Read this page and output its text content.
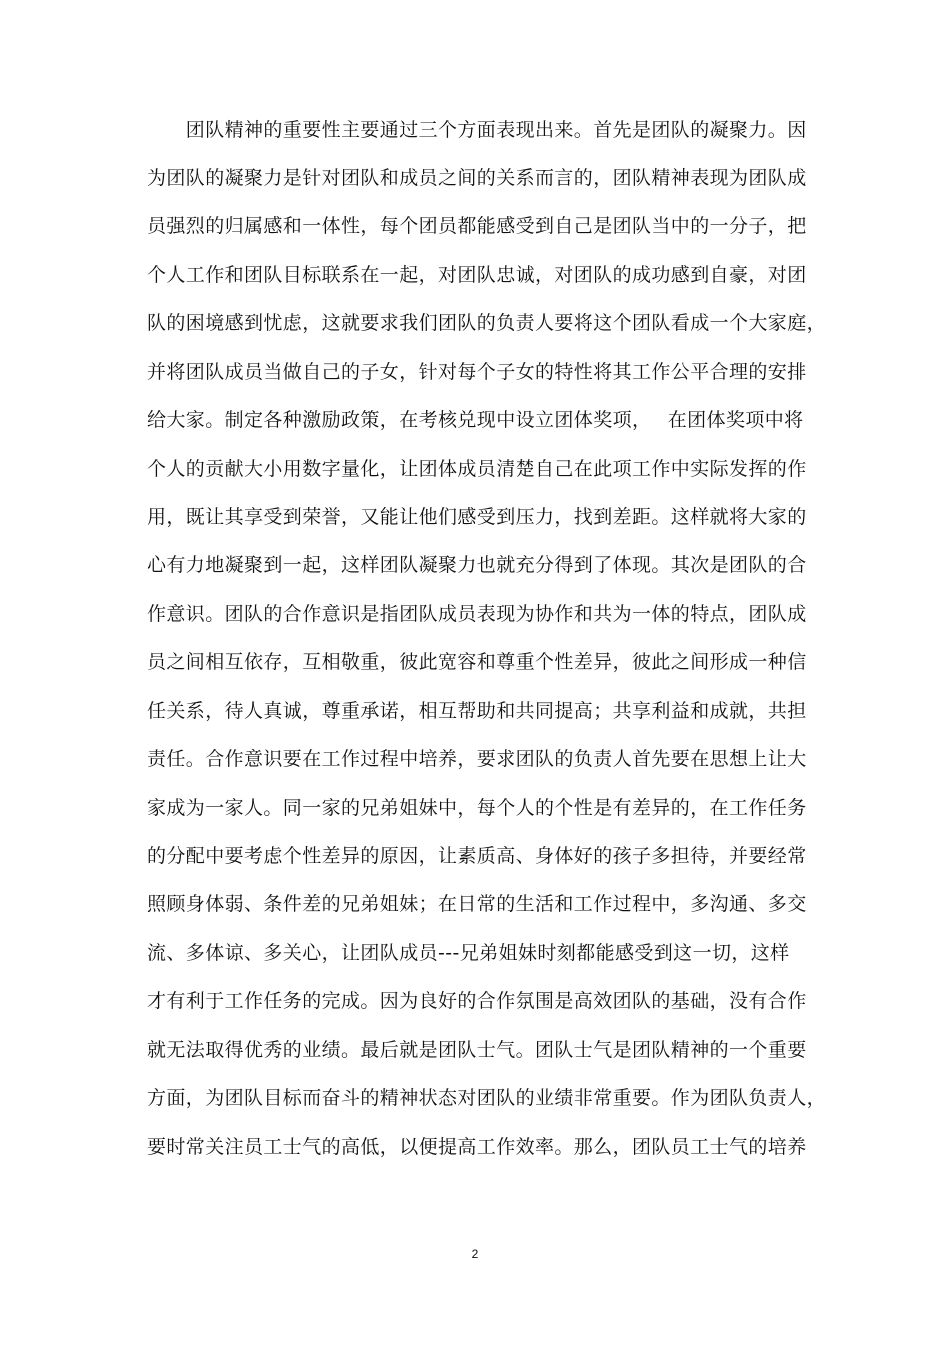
　　团队精神的重要性主要通过三个方面表现出来。首先是团队的凝聚力。因
为团队的凝聚力是针对团队和成员之间的关系而言的，团队精神表现为团队成
员强烈的归属感和一体性，每个团员都能感受到自己是团队当中的一分子，把
个人工作和团队目标联系在一起，对团队忠诚，对团队的成功感到自豪，对团
队的困境感到忧虑，这就要求我们团队的负责人要将这个团队看成一个大家庭，
并将团队成员当做自己的子女，针对每个子女的特性将其工作公平合理的安排
给大家。制定各种激励政策，在考核兑现中设立团体奖项，　 在团体奖项中将
个人的贡献大小用数字量化，让团体成员清楚自己在此项工作中实际发挥的作
用，既让其享受到荣誉，又能让他们感受到压力，找到差距。这样就将大家的
心有力地凝聚到一起，这样团队凝聚力也就充分得到了体现。其次是团队的合
作意识。团队的合作意识是指团队成员表现为协作和共为一体的特点，团队成
员之间相互依存，互相敬重，彼此宽容和尊重个性差异，彼此之间形成一种信
任关系，待人真诚，尊重承诺，相互帮助和共同提高；共享利益和成就，共担
责任。合作意识要在工作过程中培养，要求团队的负责人首先要在思想上让大
家成为一家人。同一家的兄弟姐妹中，每个人的个性是有差异的，在工作任务
的分配中要考虑个性差异的原因，让素质高、身体好的孩子多担待，并要经常
照顾身体弱、条件差的兄弟姐妹；在日常的生活和工作过程中，多沟通、多交
流、多体谅、多关心，让团队成员---兄弟姐妹时刻都能感受到这一切，这样
才有利于工作任务的完成。因为良好的合作氛围是高效团队的基础，没有合作
就无法取得优秀的业绩。最后就是团队士气。团队士气是团队精神的一个重要
方面，为团队目标而奋斗的精神状态对团队的业绩非常重要。作为团队负责人，
要时常关注员工士气的高低，以便提高工作效率。那么，团队员工士气的培养
2
